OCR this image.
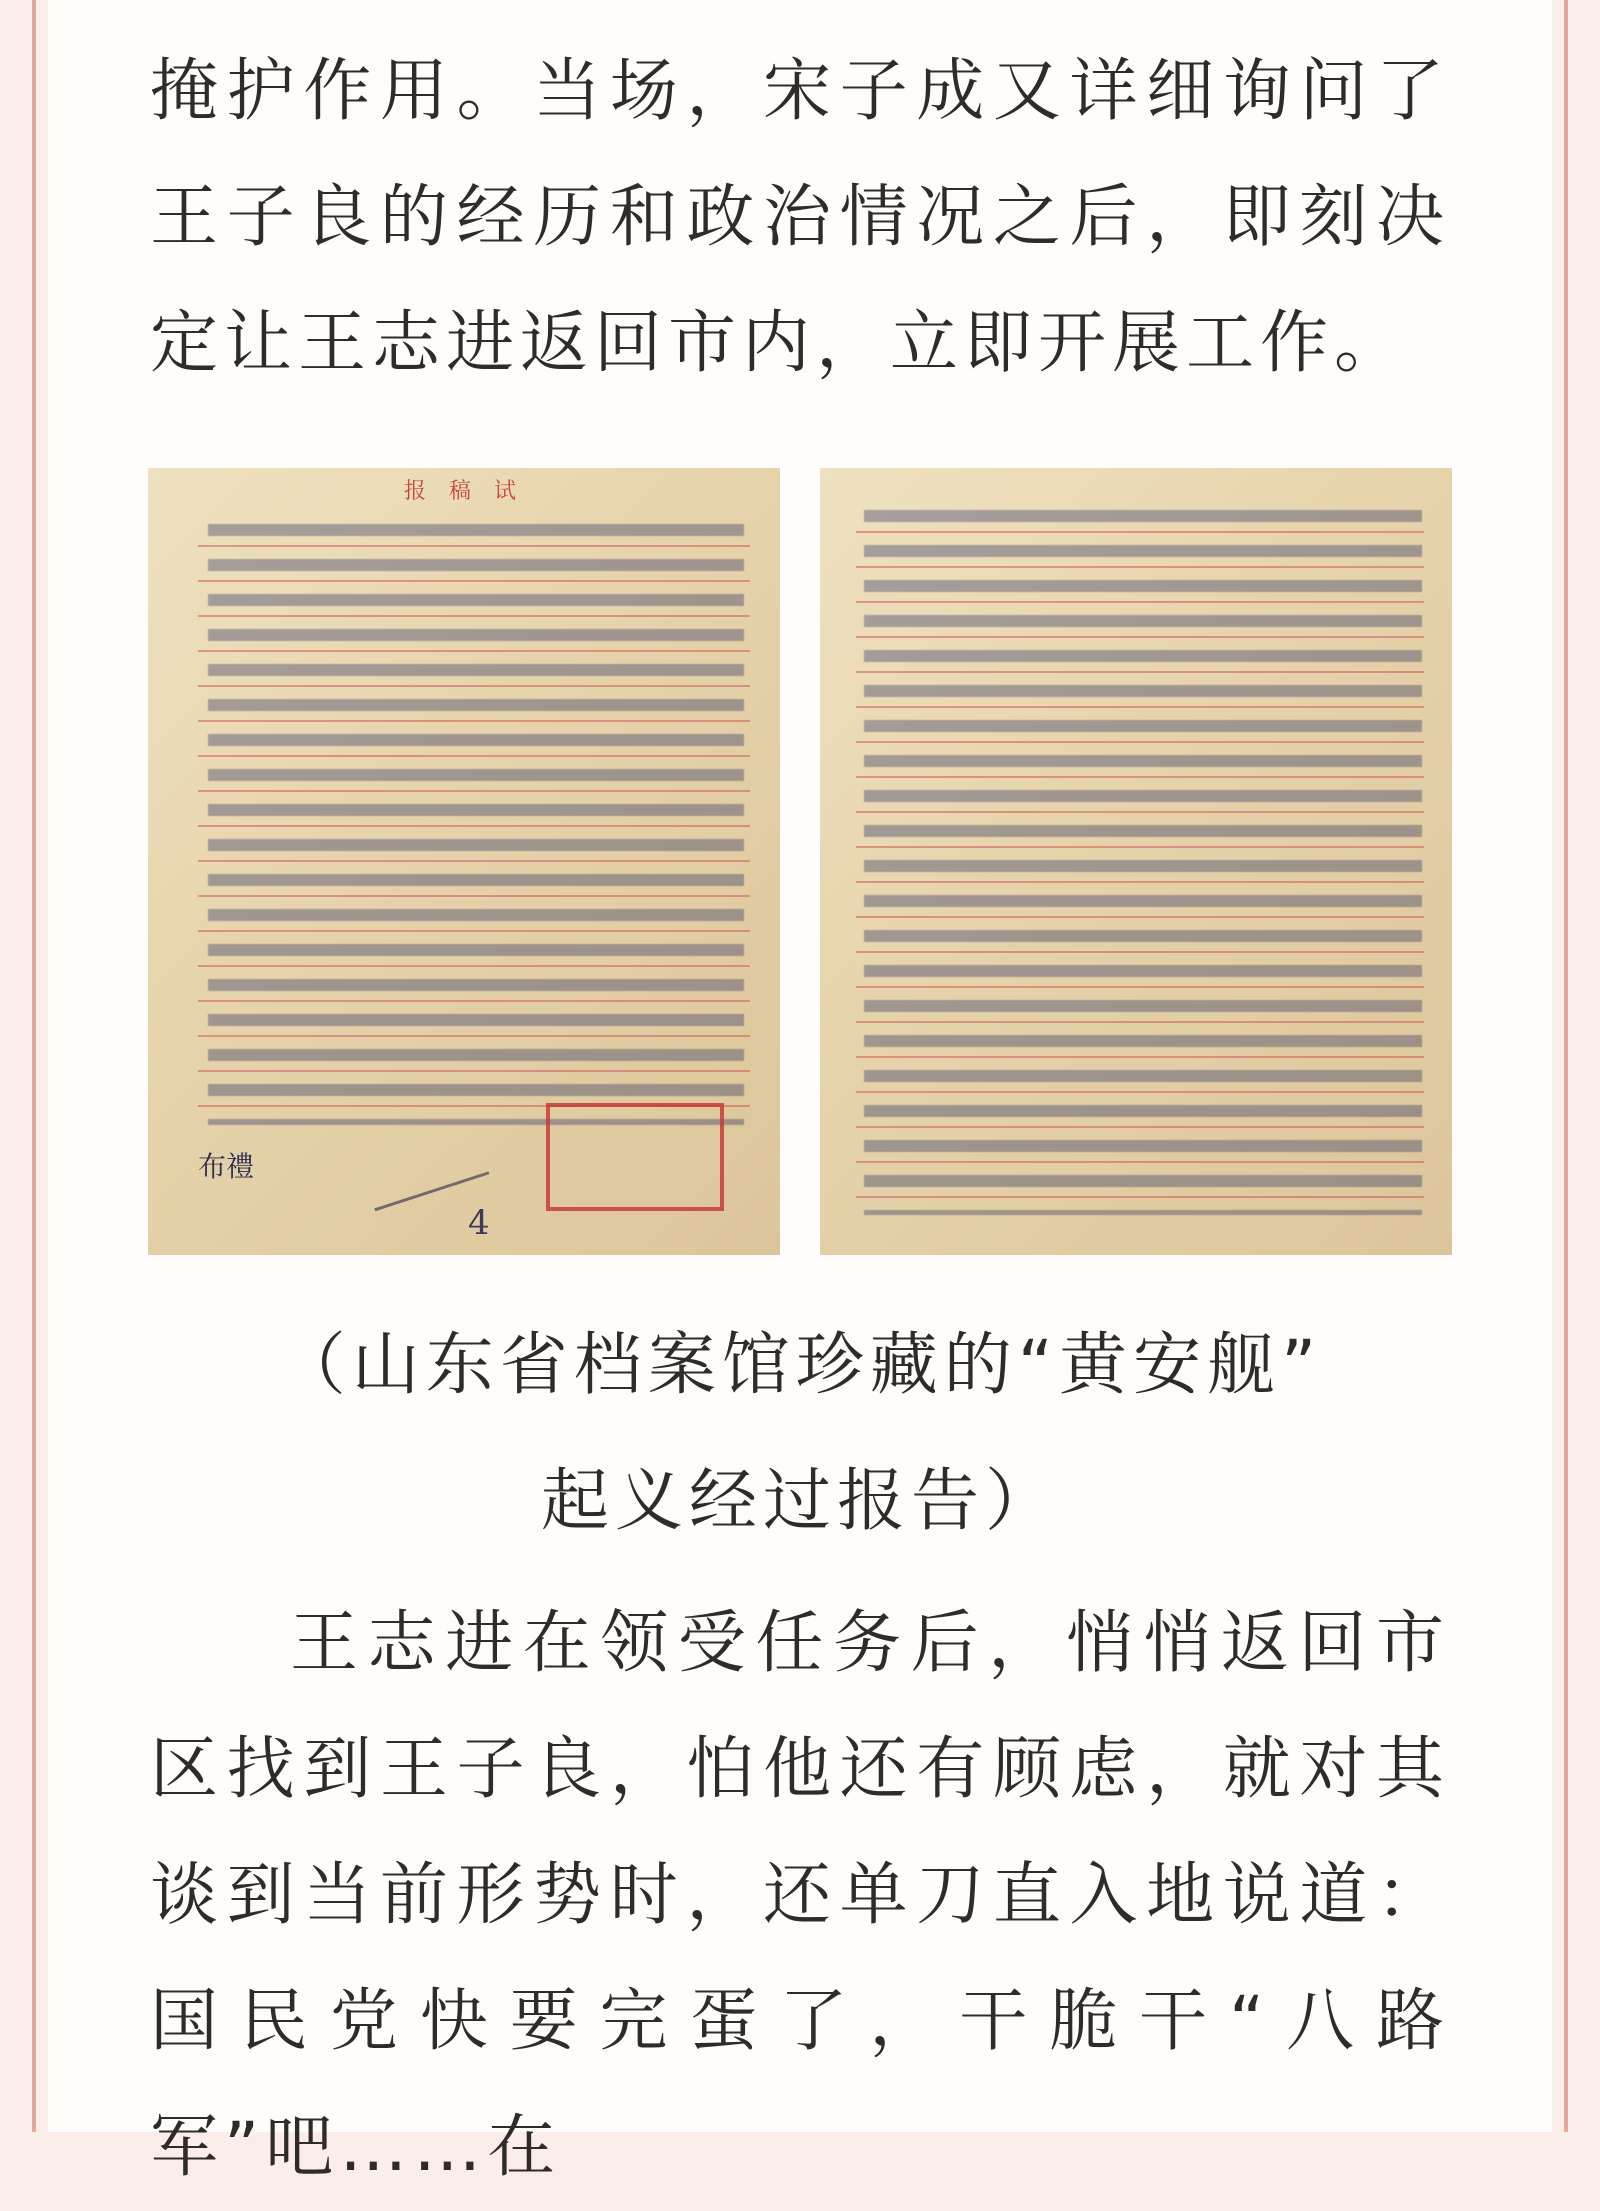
掩护作用。当场，宋子成又详细询问了王子良的经历和政治情况之后，即刻决定让王志进返回市内，立即开展工作。

报 稿 试
布禮
4

（山东省档案馆珍藏的“黄安舰”

起义经过报告）

王志进在领受任务后，悄悄返回市区找到王子良，怕他还有顾虑，就对其谈到当前形势时，还单刀直入地说道：国民党快要完蛋了，干脆干“八路军”吧……在
